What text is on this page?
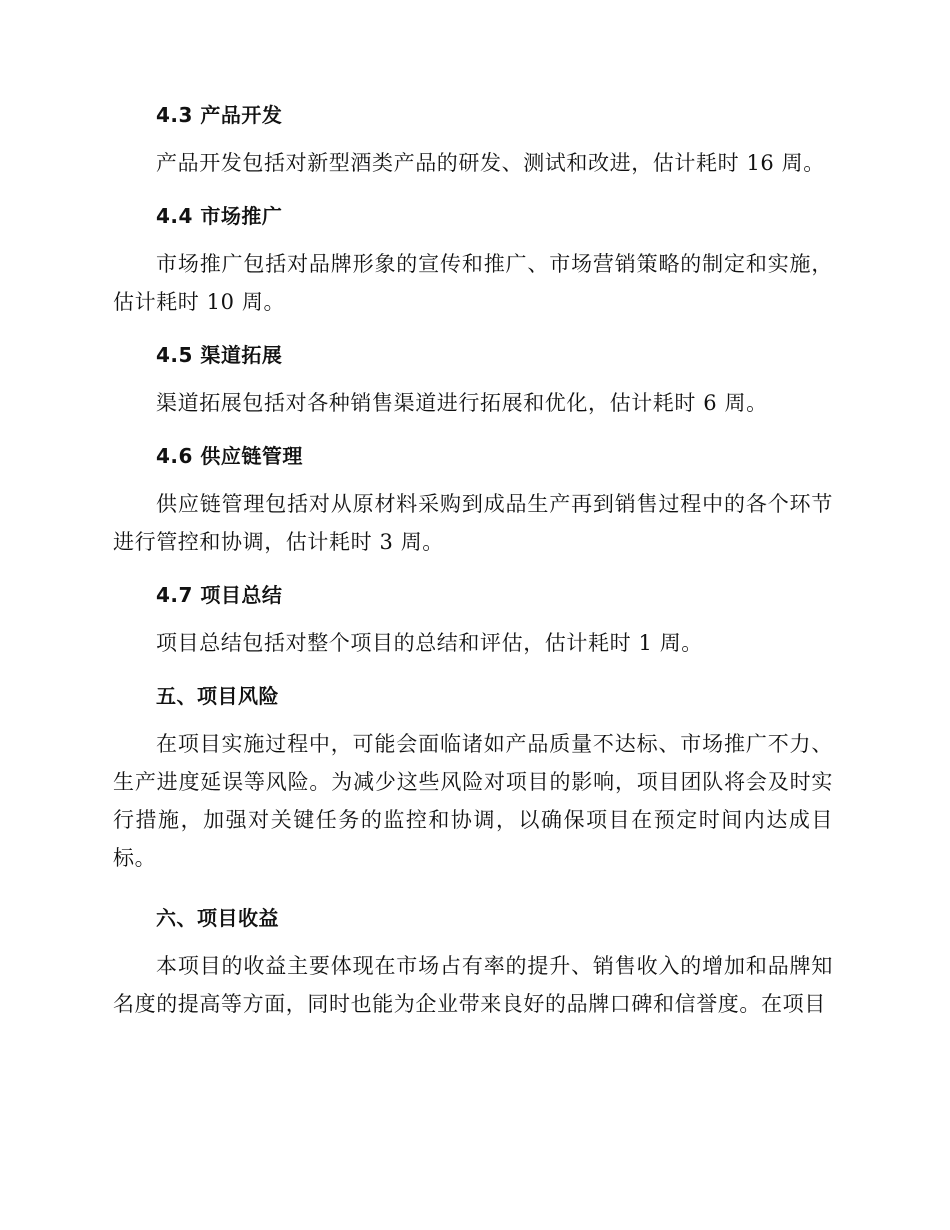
4.3 产品开发

产品开发包括对新型酒类产品的研发、测试和改进，估计耗时 16 周。

4.4 市场推广

市场推广包括对品牌形象的宣传和推广、市场营销策略的制定和实施，估计耗时 10 周。

4.5 渠道拓展

渠道拓展包括对各种销售渠道进行拓展和优化，估计耗时 6 周。

4.6 供应链管理

供应链管理包括对从原材料采购到成品生产再到销售过程中的各个环节进行管控和协调，估计耗时 3 周。

4.7 项目总结

项目总结包括对整个项目的总结和评估，估计耗时 1 周。

五、项目风险

在项目实施过程中，可能会面临诸如产品质量不达标、市场推广不力、生产进度延误等风险。为减少这些风险对项目的影响，项目团队将会及时实行措施，加强对关键任务的监控和协调，以确保项目在预定时间内达成目标。

六、项目收益

本项目的收益主要体现在市场占有率的提升、销售收入的增加和品牌知名度的提高等方面，同时也能为企业带来良好的品牌口碑和信誉度。在项目
